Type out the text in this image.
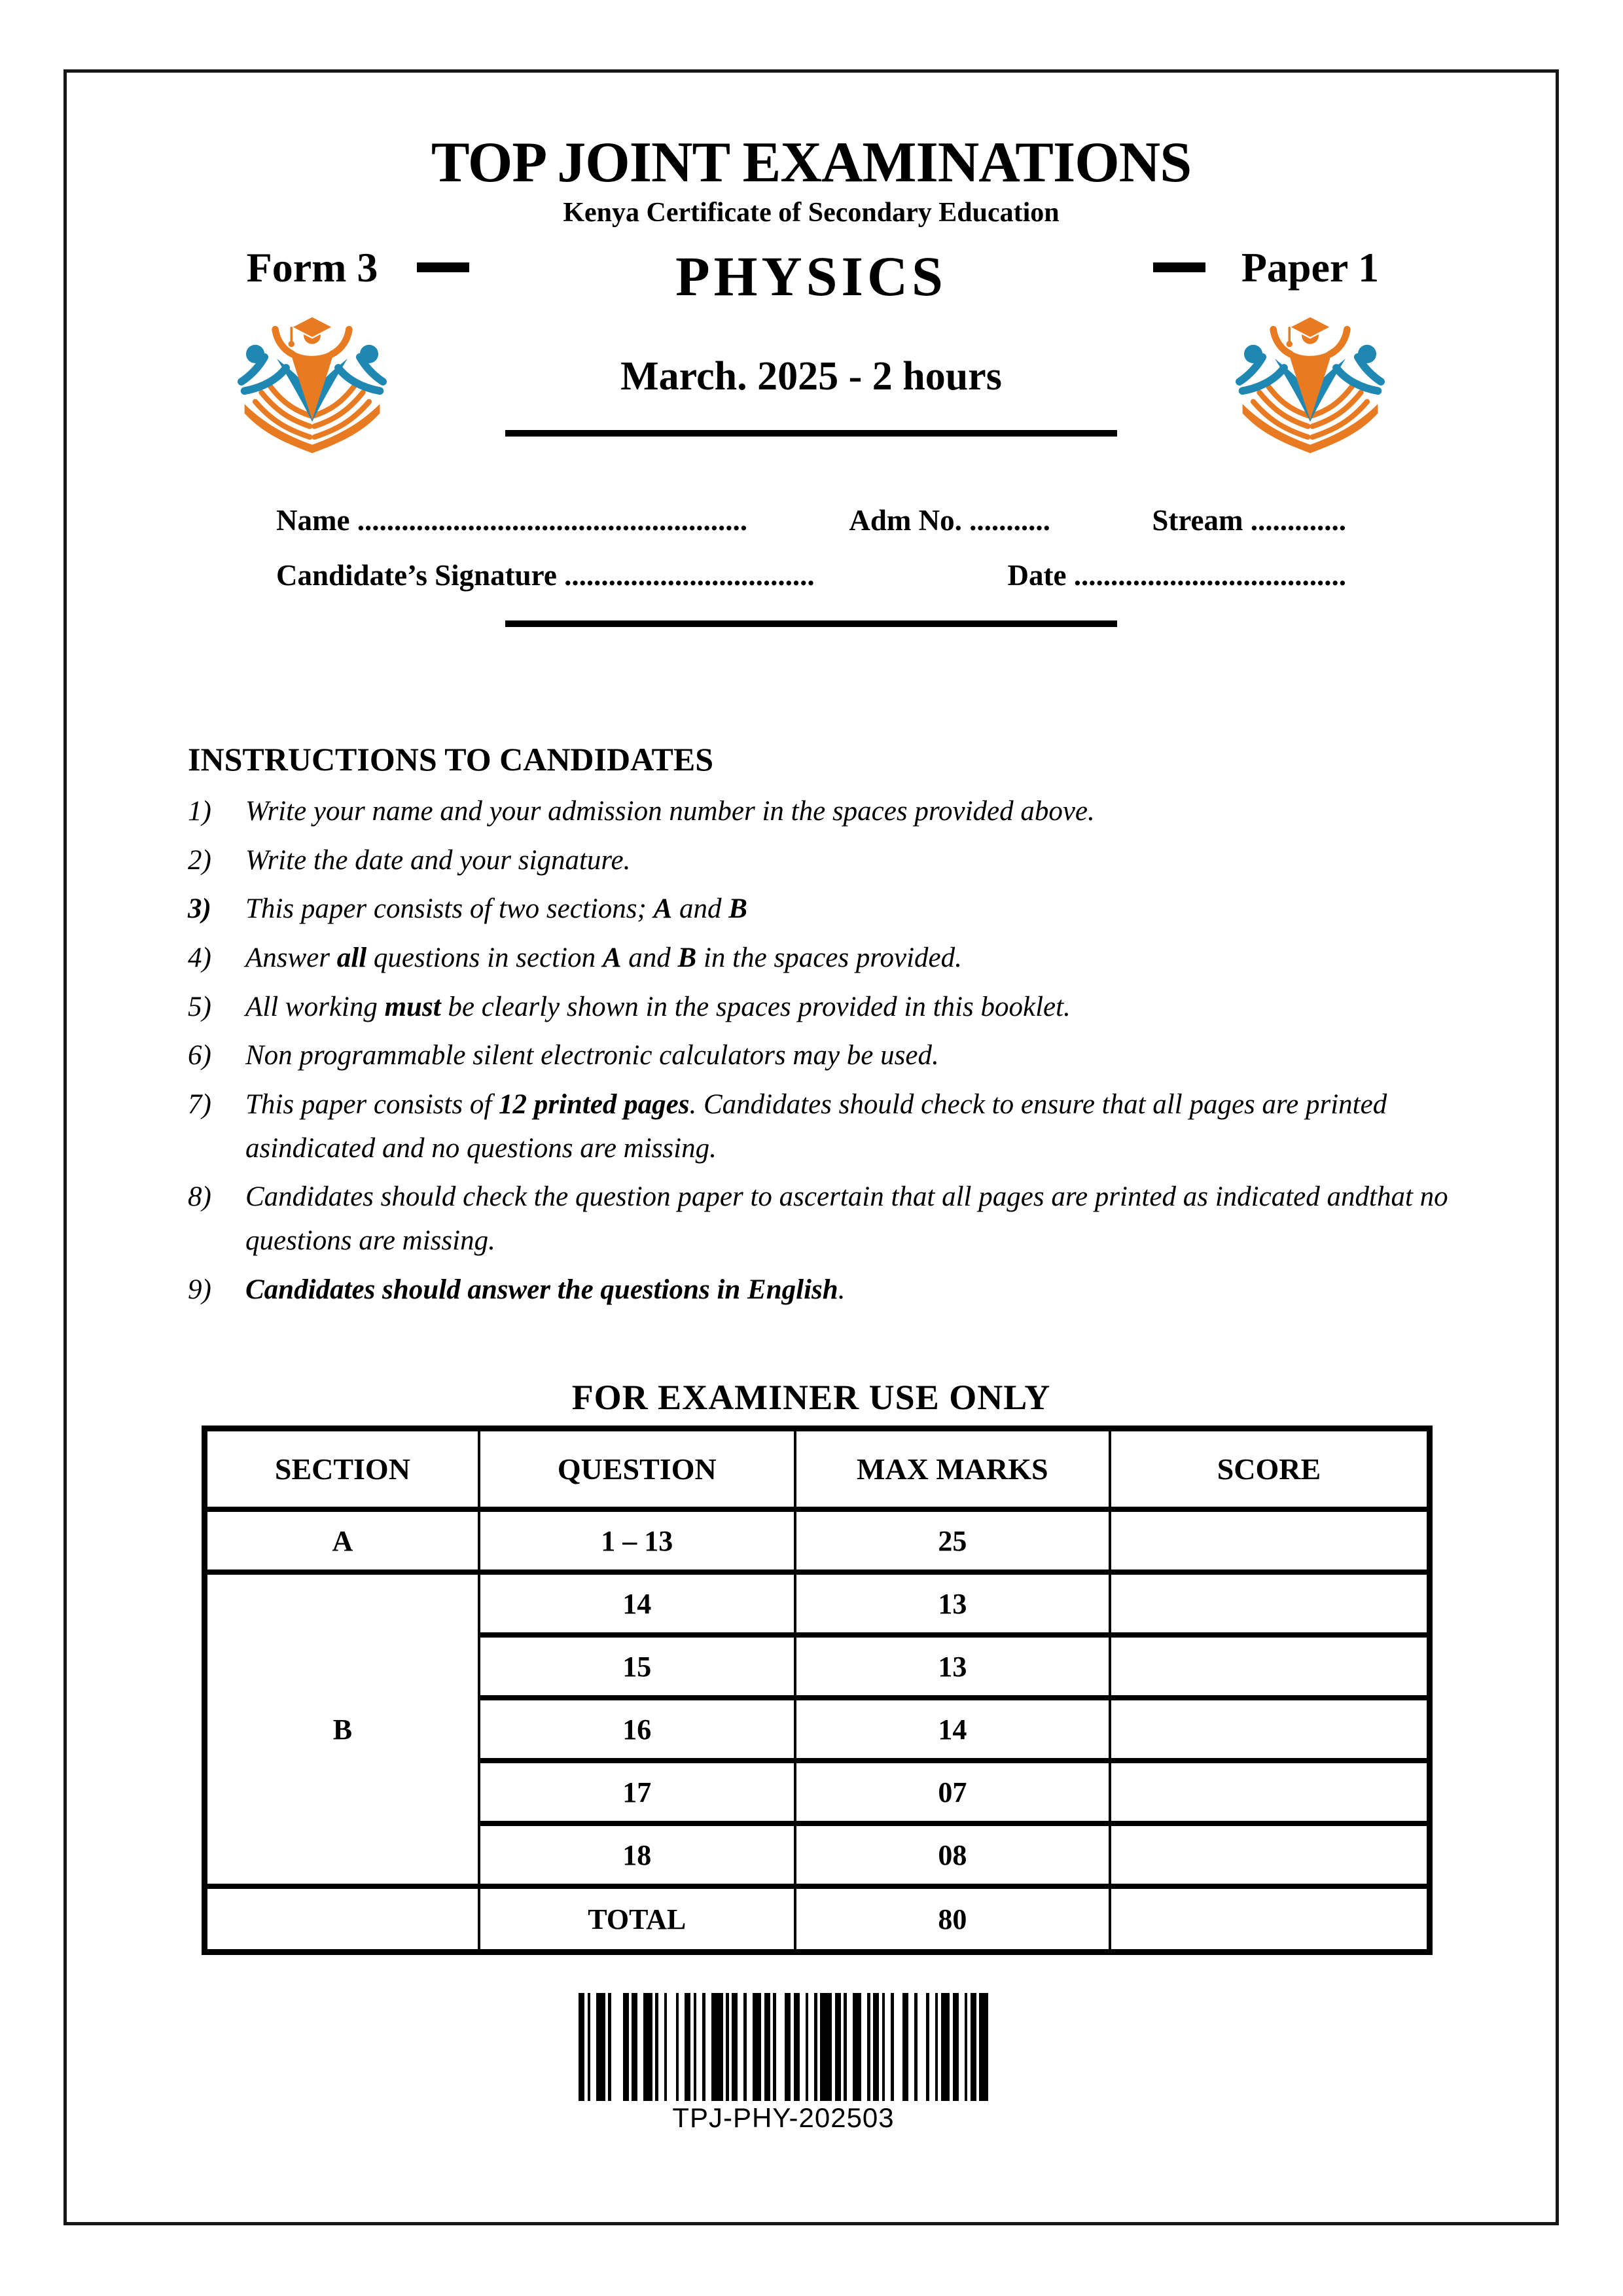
TOP JOINT EXAMINATIONS
Kenya Certificate of Secondary Education
Form 3	PHYSICS
March. 2025 - 2 hours
Paper 1
Name .....................................................	Adm No. ...........	Stream .............
Candidate’s Signature ..................................	Date .....................................
INSTRUCTIONS TO CANDIDATES
1)	Write your name and your admission number in the spaces provided above.
2)	Write the date and your signature.
3)	This paper consists of two sections; A and B
4)	Answer all questions in section A and B in the spaces provided.
5)	All working must be clearly shown in the spaces provided in this booklet.
6)	Non programmable silent electronic calculators may be used.
7)	This paper consists of 12 printed pages. Candidates should check to ensure that all pages are printed asindicated and no questions are missing.
8)	Candidates should check the question paper to ascertain that all pages are printed as indicated andthat no questions are missing.
9)	Candidates should answer the questions in English.
FOR EXAMINER USE ONLY
SECTION	QUESTION	MAX MARKS	SCORE
A	1 – 13	25	
B	14	13	
	15	13	
	16	14	
	17	07	
	18	08	
	TOTAL	80	
TPJ-PHY-202503
